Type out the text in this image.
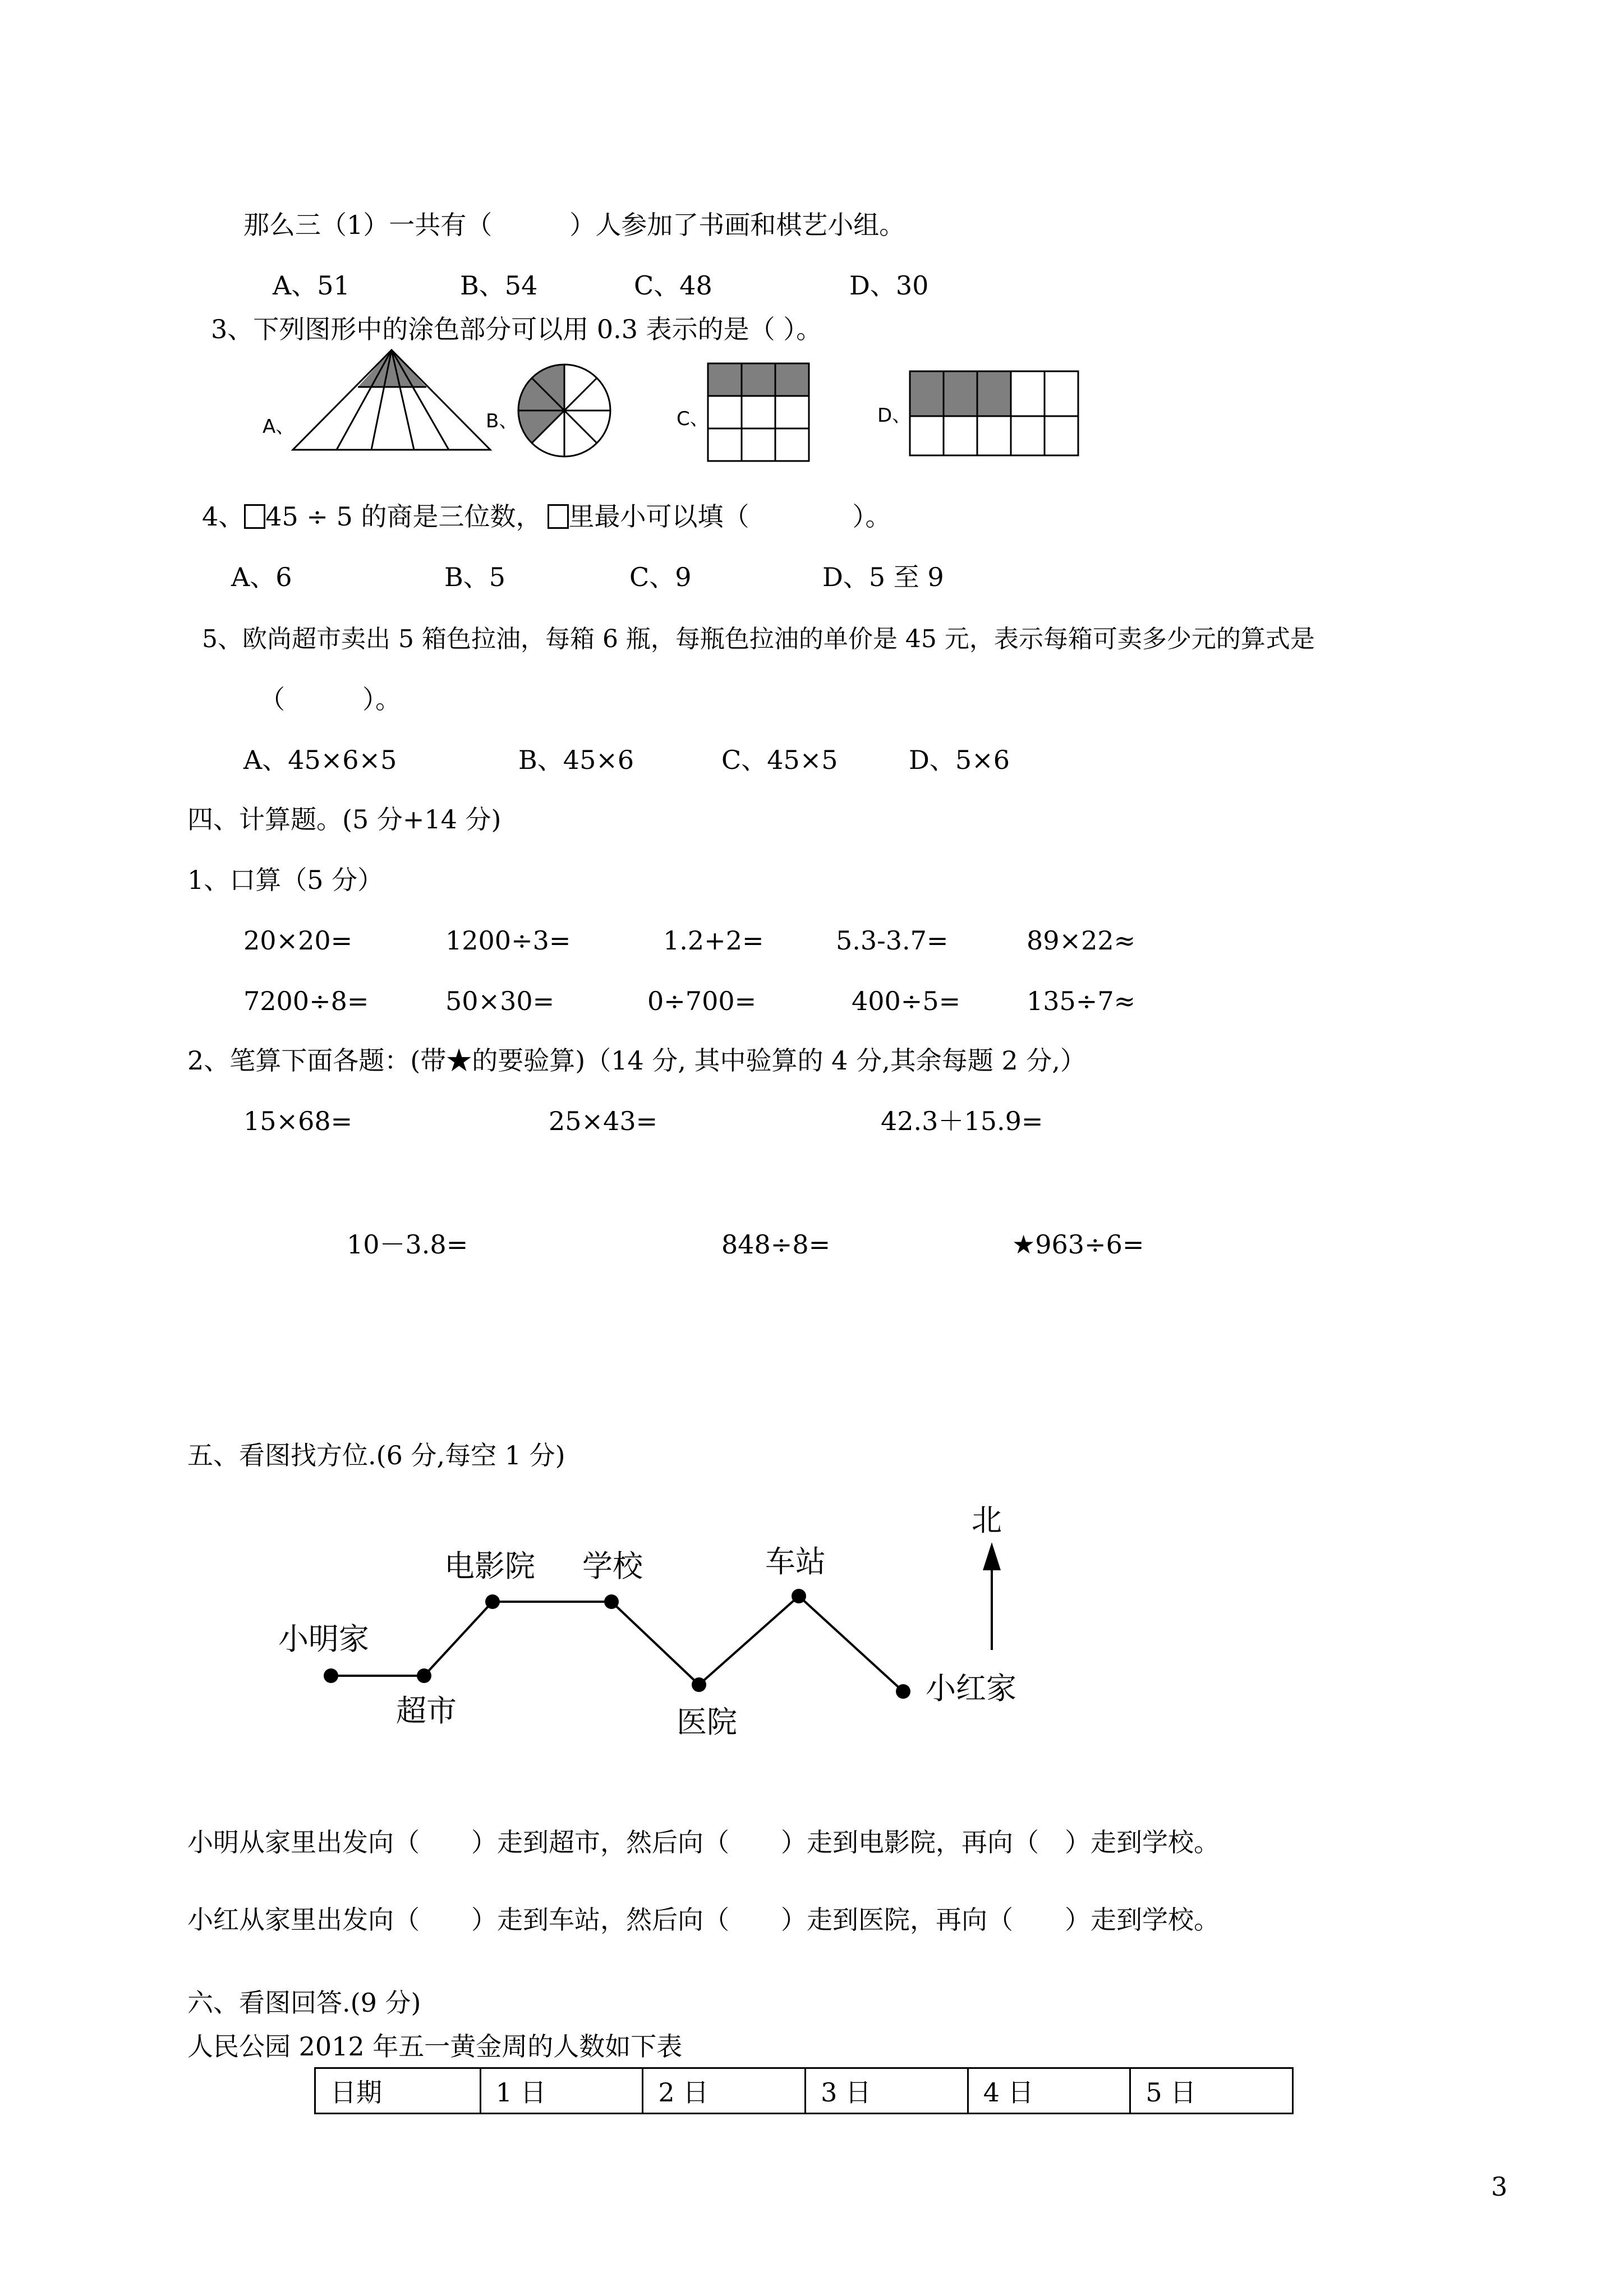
那么三（1）一共有（　　　）人参加了书画和棋艺小组。
A、51	B、54	C、48	D、30
3、下列图形中的涂色部分可以用 0.3 表示的是（ ）。
A、	B、	C、	D、
4、 45 ÷ 5 的商是三位数， 里最小可以填（　　　　）。
A、6	B、5	C、9	D、5 至 9
5、欧尚超市卖出 5 箱色拉油，每箱 6 瓶，每瓶色拉油的单价是 45 元，表示每箱可卖多少元的算式是
（　　　）。
A、45×6×5	B、45×6	C、45×5	D、5×6
四、计算题。(5 分+14 分)
1、口算（5 分）
20×20=	1200÷3=	1.2+2=	5.3-3.7=	89×22≈
7200÷8=	50×30=	0÷700=	400÷5=	135÷7≈
2、笔算下面各题：(带★的要验算)（14 分, 其中验算的 4 分,其余每题 2 分,）
15×68=	25×43=	42.3＋15.9=
10－3.8=	848÷8=	★963÷6=
五、看图找方位.(6 分,每空 1 分)
北
小明家
超市
电影院 学校
医院
车站
小红家
小明从家里出发向（　　）走到超市，然后向（　　）走到电影院，再向（　）走到学校。
小红从家里出发向（　　）走到车站，然后向（　　）走到医院，再向（　　）走到学校。
六、看图回答.(9 分)
人民公园 2012 年五一黄金周的人数如下表
日期	1 日	2 日	3 日	4 日	5 日
3
